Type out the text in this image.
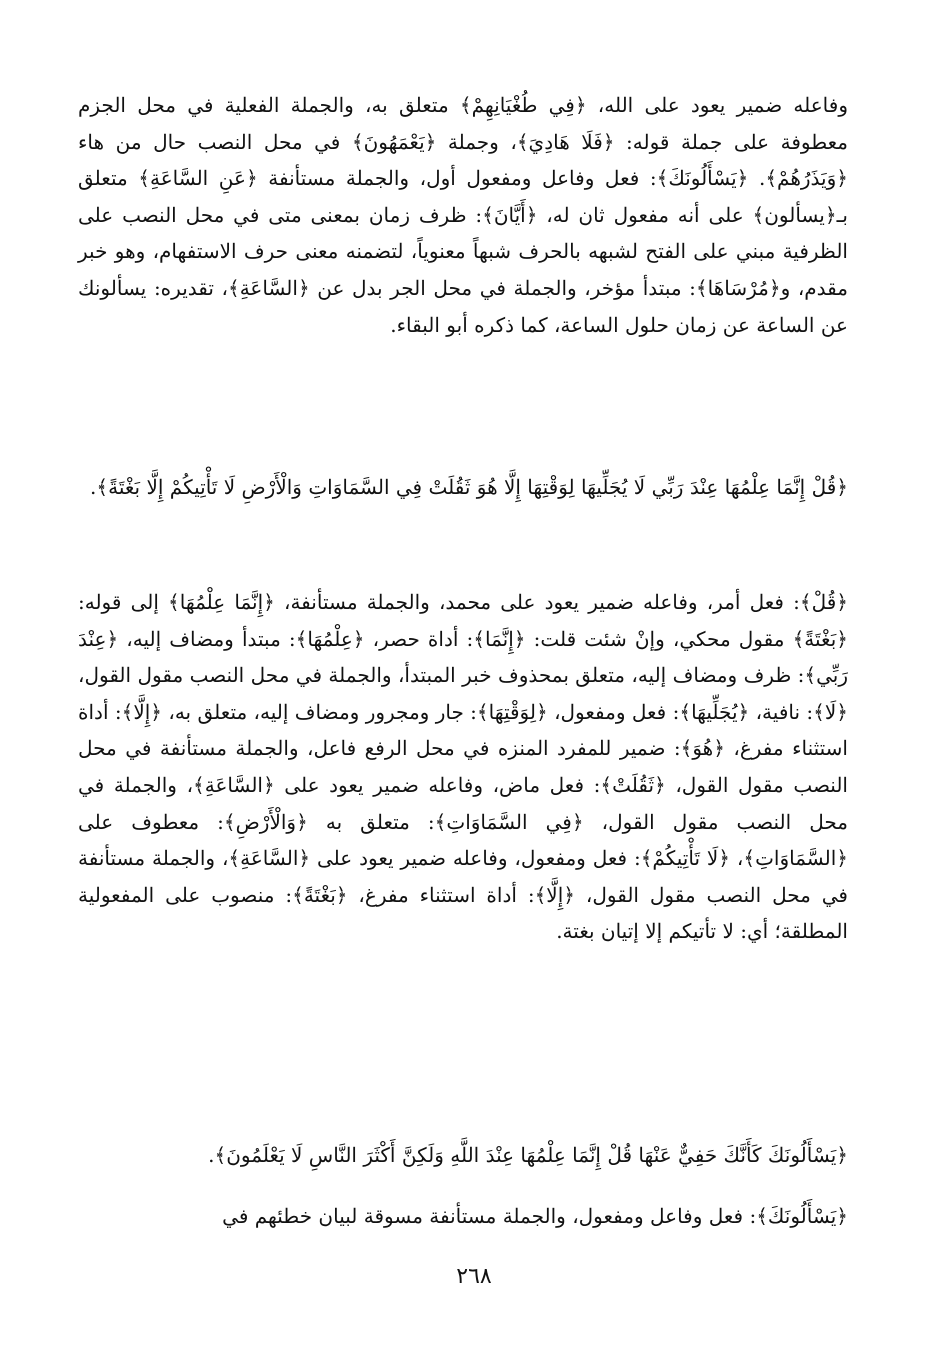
وفاعله ضمير يعود على الله، ﴿فِي طُغْيَانِهِمْ﴾ متعلق به، والجملة الفعلية في محل الجزم معطوفة على جملة قوله: ﴿فَلَا هَادِيَ﴾، وجملة ﴿يَعْمَهُونَ﴾ في محل النصب حال من هاء ﴿وَيَذَرُهُمْ﴾. ﴿يَسْأَلُونَكَ﴾: فعل وفاعل ومفعول أول، والجملة مستأنفة ﴿عَنِ السَّاعَةِ﴾ متعلق بـ﴿يسألون﴾ على أنه مفعول ثان له، ﴿أَيَّانَ﴾: ظرف زمان بمعنى متى في محل النصب على الظرفية مبني على الفتح لشبهه بالحرف شبهاً معنوياً، لتضمنه معنى حرف الاستفهام، وهو خبر مقدم، و﴿مُرْسَاهَا﴾: مبتدأ مؤخر، والجملة في محل الجر بدل عن ﴿السَّاعَةِ﴾، تقديره: يسألونك عن الساعة عن زمان حلول الساعة، كما ذكره أبو البقاء.

﴿قُلْ إِنَّمَا عِلْمُهَا عِنْدَ رَبِّي لَا يُجَلِّيهَا لِوَقْتِهَا إِلَّا هُوَ ثَقُلَتْ فِي السَّمَاوَاتِ وَالْأَرْضِ لَا تَأْتِيكُمْ إِلَّا بَغْتَةً﴾.

﴿قُلْ﴾: فعل أمر، وفاعله ضمير يعود على محمد، والجملة مستأنفة، ﴿إِنَّمَا عِلْمُهَا﴾ إلى قوله: ﴿بَغْتَةً﴾ مقول محكي، وإنْ شئت قلت: ﴿إِنَّمَا﴾: أداة حصر، ﴿عِلْمُهَا﴾: مبتدأ ومضاف إليه، ﴿عِنْدَ رَبِّي﴾: ظرف ومضاف إليه، متعلق بمحذوف خبر المبتدأ، والجملة في محل النصب مقول القول، ﴿لَا﴾: نافية، ﴿يُجَلِّيهَا﴾: فعل ومفعول، ﴿لِوَقْتِهَا﴾: جار ومجرور ومضاف إليه، متعلق به، ﴿إِلَّا﴾: أداة استثناء مفرغ، ﴿هُوَ﴾: ضمير للمفرد المنزه في محل الرفع فاعل، والجملة مستأنفة في محل النصب مقول القول، ﴿ثَقُلَتْ﴾: فعل ماض، وفاعله ضمير يعود على ﴿السَّاعَةِ﴾، والجملة في محل النصب مقول القول، ﴿فِي السَّمَاوَاتِ﴾: متعلق به ﴿وَالْأَرْضِ﴾: معطوف على ﴿السَّمَاوَاتِ﴾، ﴿لَا تَأْتِيكُمْ﴾: فعل ومفعول، وفاعله ضمير يعود على ﴿السَّاعَةِ﴾، والجملة مستأنفة في محل النصب مقول القول، ﴿إِلَّا﴾: أداة استثناء مفرغ، ﴿بَغْتَةً﴾: منصوب على المفعولية المطلقة؛ أي: لا تأتيكم إلا إتيان بغتة.

﴿يَسْأَلُونَكَ كَأَنَّكَ حَفِيٌّ عَنْهَا قُلْ إِنَّمَا عِلْمُهَا عِنْدَ اللَّهِ وَلَكِنَّ أَكْثَرَ النَّاسِ لَا يَعْلَمُونَ﴾.

﴿يَسْأَلُونَكَ﴾: فعل وفاعل ومفعول، والجملة مستأنفة مسوقة لبيان خطئهم في

٢٦٨
